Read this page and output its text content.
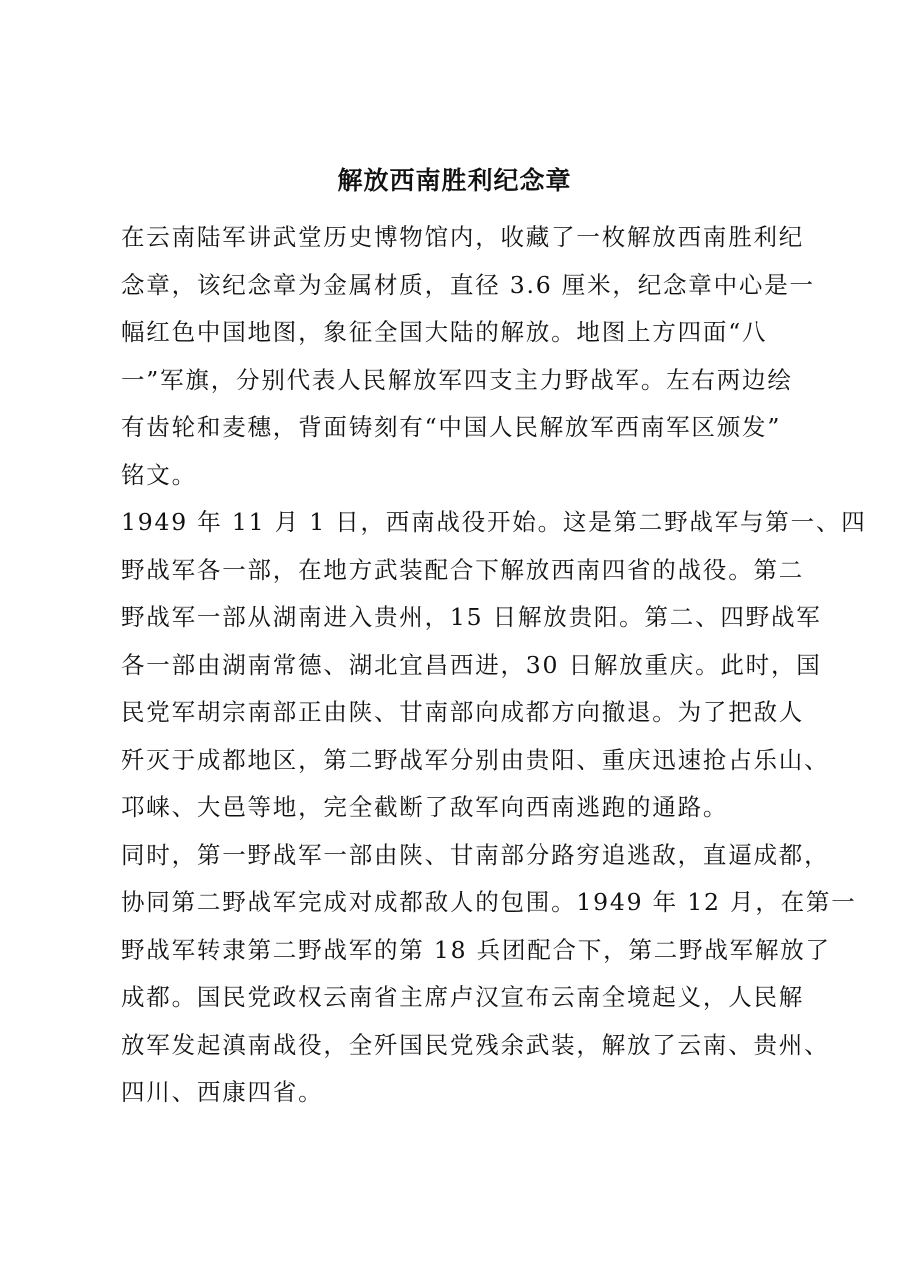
解放西南胜利纪念章
在云南陆军讲武堂历史博物馆内，收藏了一枚解放西南胜利纪
念章，该纪念章为金属材质，直径 3.6 厘米，纪念章中心是一
幅红色中国地图，象征全国大陆的解放。地图上方四面“八
一”军旗，分别代表人民解放军四支主力野战军。左右两边绘
有齿轮和麦穗，背面铸刻有“中国人民解放军西南军区颁发”
铭文。
1949 年 11 月 1 日，西南战役开始。这是第二野战军与第一、四
野战军各一部，在地方武装配合下解放西南四省的战役。第二
野战军一部从湖南进入贵州，15 日解放贵阳。第二、四野战军
各一部由湖南常德、湖北宜昌西进，30 日解放重庆。此时，国
民党军胡宗南部正由陕、甘南部向成都方向撤退。为了把敌人
歼灭于成都地区，第二野战军分别由贵阳、重庆迅速抢占乐山、
邛崃、大邑等地，完全截断了敌军向西南逃跑的通路。
同时，第一野战军一部由陕、甘南部分路穷追逃敌，直逼成都，
协同第二野战军完成对成都敌人的包围。1949 年 12 月，在第一
野战军转隶第二野战军的第 18 兵团配合下，第二野战军解放了
成都。国民党政权云南省主席卢汉宣布云南全境起义，人民解
放军发起滇南战役，全歼国民党残余武装，解放了云南、贵州、
四川、西康四省。
